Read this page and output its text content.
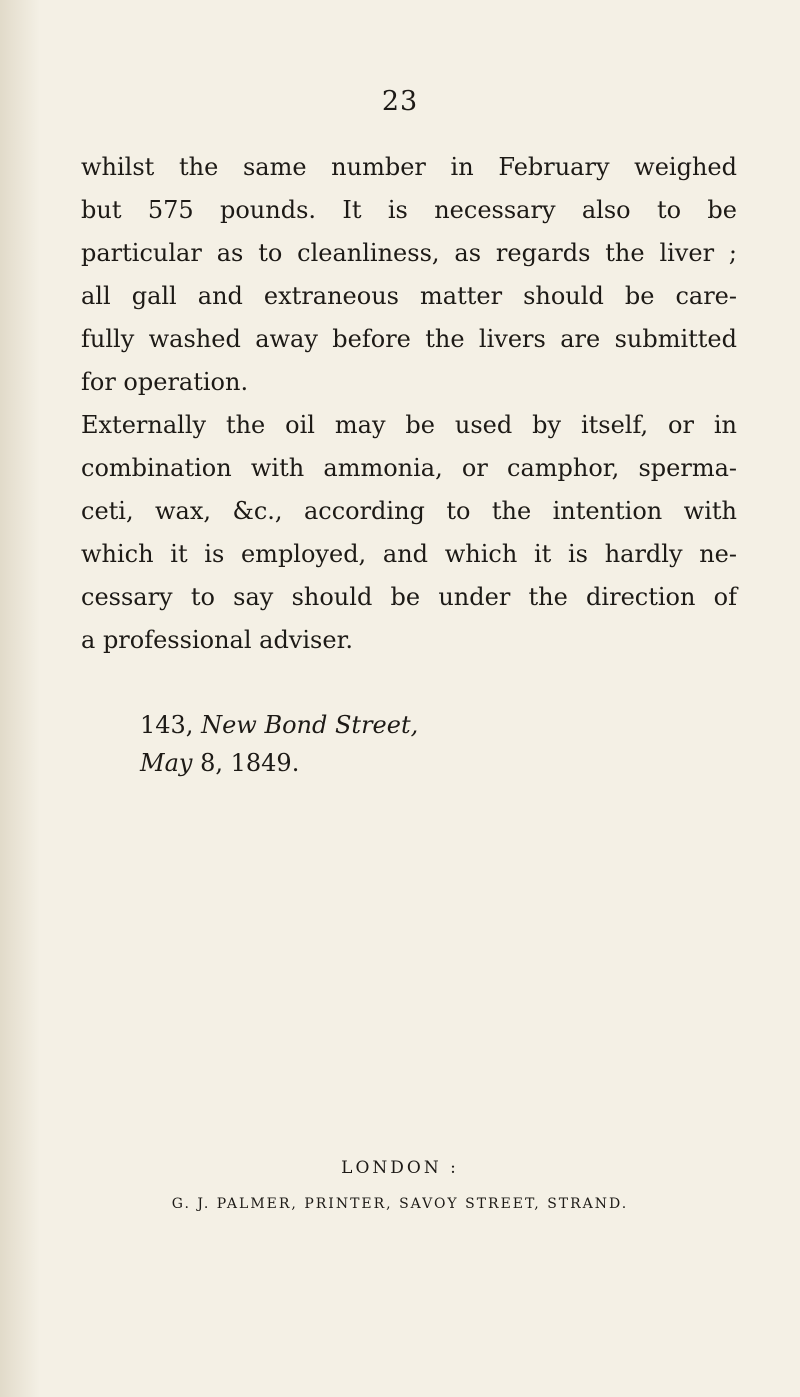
23

whilst the same number in February weighed
but 575 pounds. It is necessary also to be
particular as to cleanliness, as regards the liver ;
all gall and extraneous matter should be care-
fully washed away before the livers are submitted
for operation.

Externally the oil may be used by itself, or in
combination with ammonia, or camphor, sperma-
ceti, wax, &c., according to the intention with
which it is employed, and which it is hardly ne-
cessary to say should be under the direction of
a professional adviser.

143, New Bond Street,
May 8, 1849.
LONDON :
G. J. PALMER, PRINTER, SAVOY STREET, STRAND.
